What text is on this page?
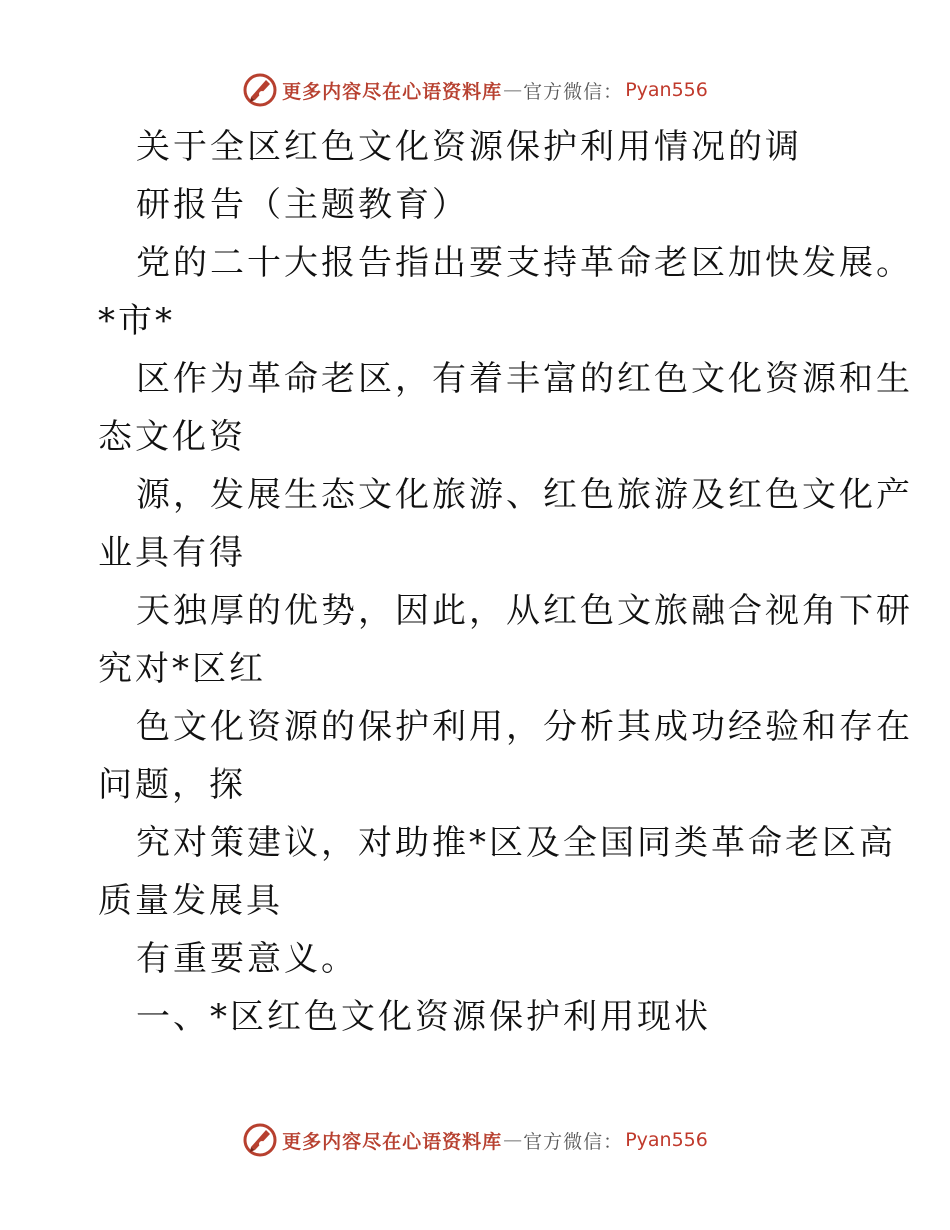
更多内容尽在心语资料库 — 官方微信： Pyan556
关于全区红色文化资源保护利用情况的调
研报告（主题教育）
党的二十大报告指出要支持革命老区加快发展。
*市*
区作为革命老区，有着丰富的红色文化资源和生
态文化资
源，发展生态文化旅游、红色旅游及红色文化产
业具有得
天独厚的优势，因此，从红色文旅融合视角下研
究对*区红
色文化资源的保护利用，分析其成功经验和存在
问题，探
究对策建议，对助推*区及全国同类革命老区高
质量发展具
有重要意义。
一、*区红色文化资源保护利用现状
更多内容尽在心语资料库 — 官方微信： Pyan556
